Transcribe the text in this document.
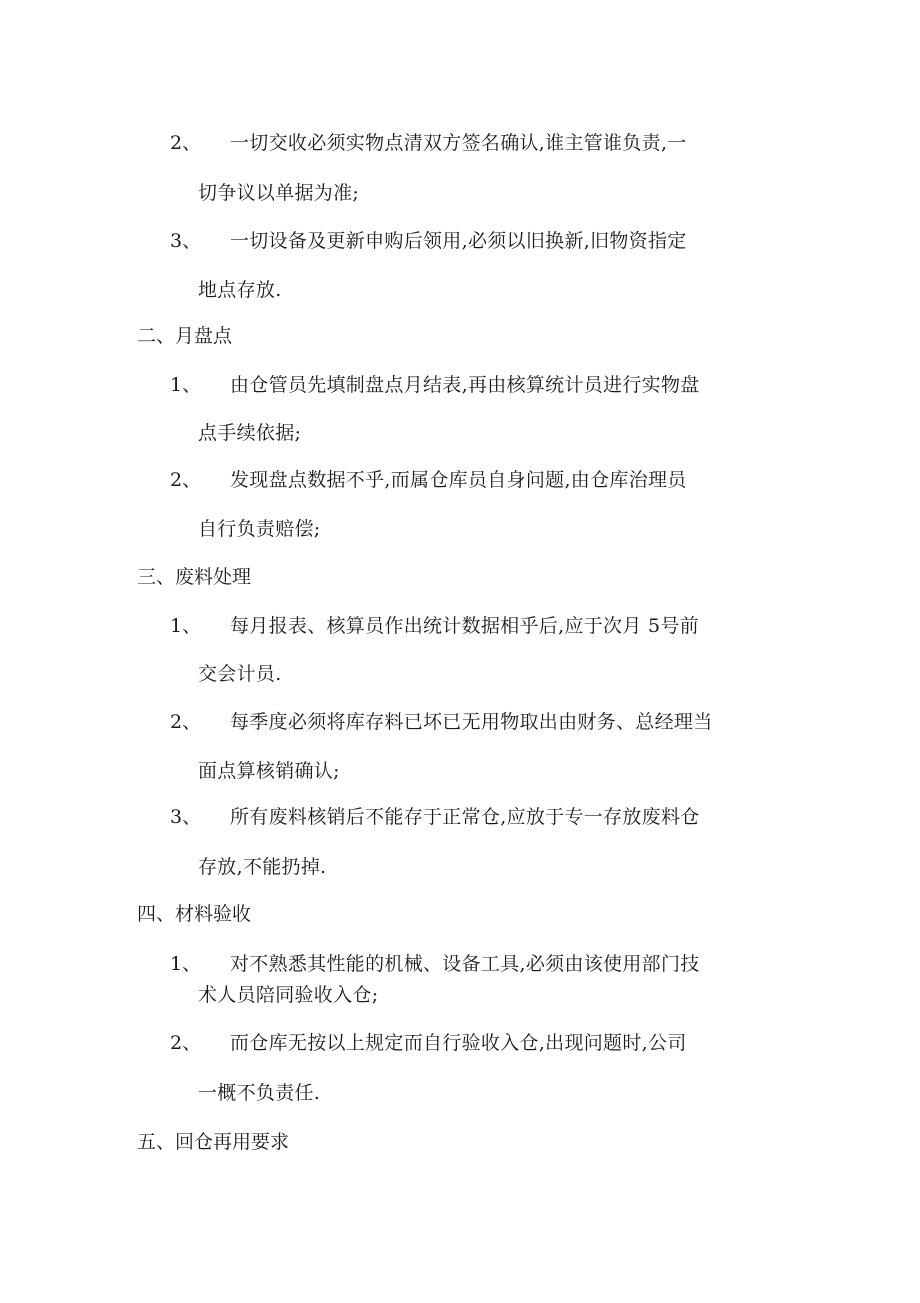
2、 一切交收必须实物点清双方签名确认,谁主管谁负责,一
切争议以单据为准;
3、 一切设备及更新申购后领用,必须以旧换新,旧物资指定
地点存放.
二、月盘点
1、 由仓管员先填制盘点月结表,再由核算统计员进行实物盘
点手续依据;
2、 发现盘点数据不乎,而属仓库员自身问题,由仓库治理员
自行负责赔偿;
三、废料处理
1、 每月报表、核算员作出统计数据相乎后,应于次月 5号前
交会计员.
2、 每季度必须将库存料已坏已无用物取出由财务、总经理当
面点算核销确认;
3、 所有废料核销后不能存于正常仓,应放于专一存放废料仓
存放,不能扔掉.
四、材料验收
1、 对不熟悉其性能的机械、设备工具,必须由该使用部门技
术人员陪同验收入仓;
2、 而仓库无按以上规定而自行验收入仓,出现问题时,公司
一概不负责任.
五、回仓再用要求
